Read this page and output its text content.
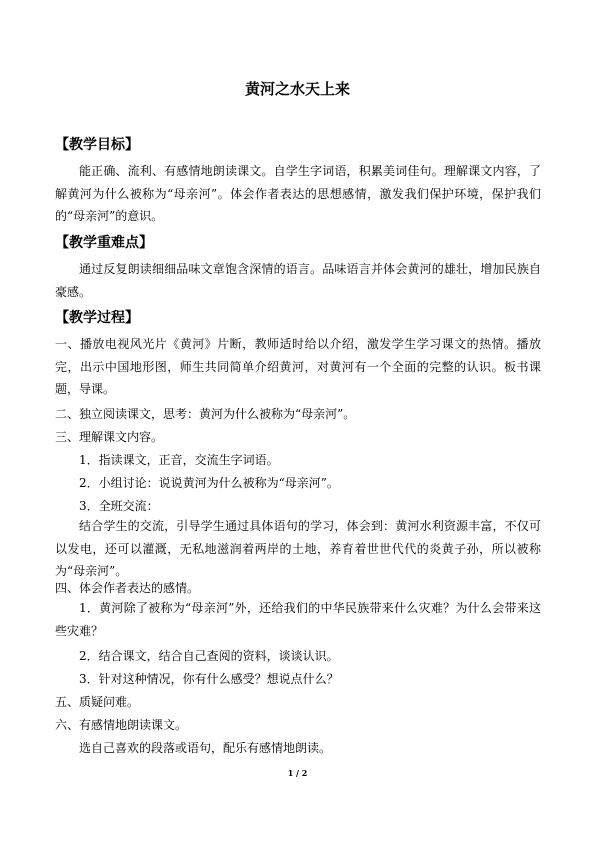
黄河之水天上来
【教学目标】

能正确、流利、有感情地朗读课文。自学生字词语，积累美词佳句。理解课文内容，了解黄河为什么被称为“母亲河”。体会作者表达的思想感情，激发我们保护环境，保护我们的“母亲河”的意识。

【教学重难点】

通过反复朗读细细品味文章饱含深情的语言。品味语言并体会黄河的雄壮，增加民族自豪感。

【教学过程】

一、播放电视风光片《黄河》片断，教师适时给以介绍，激发学生学习课文的热情。播放完，出示中国地形图，师生共同简单介绍黄河，对黄河有一个全面的完整的认识。板书课题，导课。

二、独立阅读课文，思考：黄河为什么被称为“母亲河”。
三、理解课文内容。
1．指读课文，正音，交流生字词语。
2．小组讨论：说说黄河为什么被称为“母亲河”。
3．全班交流：

结合学生的交流，引导学生通过具体语句的学习，体会到：黄河水利资源丰富，不仅可以发电，还可以灌溉，无私地滋润着两岸的土地，养育着世世代代的炎黄子孙，所以被称为“母亲河”。

四、体会作者表达的感情。

1．黄河除了被称为“母亲河”外，还给我们的中华民族带来什么灾难？为什么会带来这些灾难？

2．结合课文，结合自己查阅的资料，谈谈认识。
3．针对这种情况，你有什么感受？想说点什么？
五、质疑问难。
六、有感情地朗读课文。
选自己喜欢的段落或语句，配乐有感情地朗读。
1 / 2
